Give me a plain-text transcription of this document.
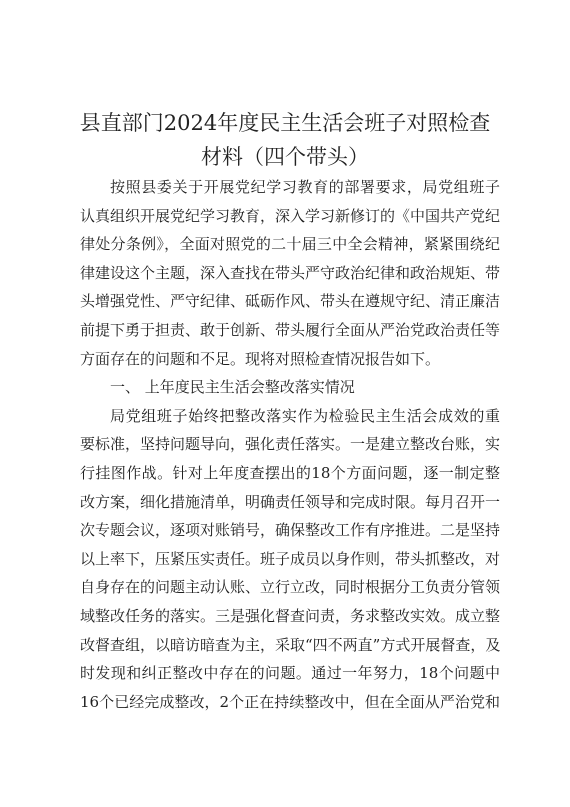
县直部门2024年度民主生活会班子对照检查
材料（四个带头）

按照县委关于开展党纪学习教育的部署要求，局党组班子
认真组织开展党纪学习教育，深入学习新修订的《中国共产党纪
律处分条例》，全面对照党的二十届三中全会精神，紧紧围绕纪
律建设这个主题，深入查找在带头严守政治纪律和政治规矩、带
头增强党性、严守纪律、砥砺作风、带头在遵规守纪、清正廉洁
前提下勇于担责、敢于创新、带头履行全面从严治党政治责任等
方面存在的问题和不足。现将对照检查情况报告如下。

一、 上年度民主生活会整改落实情况

局党组班子始终把整改落实作为检验民主生活会成效的重
要标准，坚持问题导向，强化责任落实。一是建立整改台账，实
行挂图作战。针对上年度查摆出的18个方面问题，逐一制定整
改方案，细化措施清单，明确责任领导和完成时限。每月召开一
次专题会议，逐项对账销号，确保整改工作有序推进。二是坚持
以上率下，压紧压实责任。班子成员以身作则，带头抓整改，对
自身存在的问题主动认账、立行立改，同时根据分工负责分管领
域整改任务的落实。三是强化督查问责，务求整改实效。成立整
改督查组，以暗访暗查为主，采取“四不两直”方式开展督查，及
时发现和纠正整改中存在的问题。通过一年努力，18个问题中
16个已经完成整改，2个正在持续整改中，但在全面从严治党和
